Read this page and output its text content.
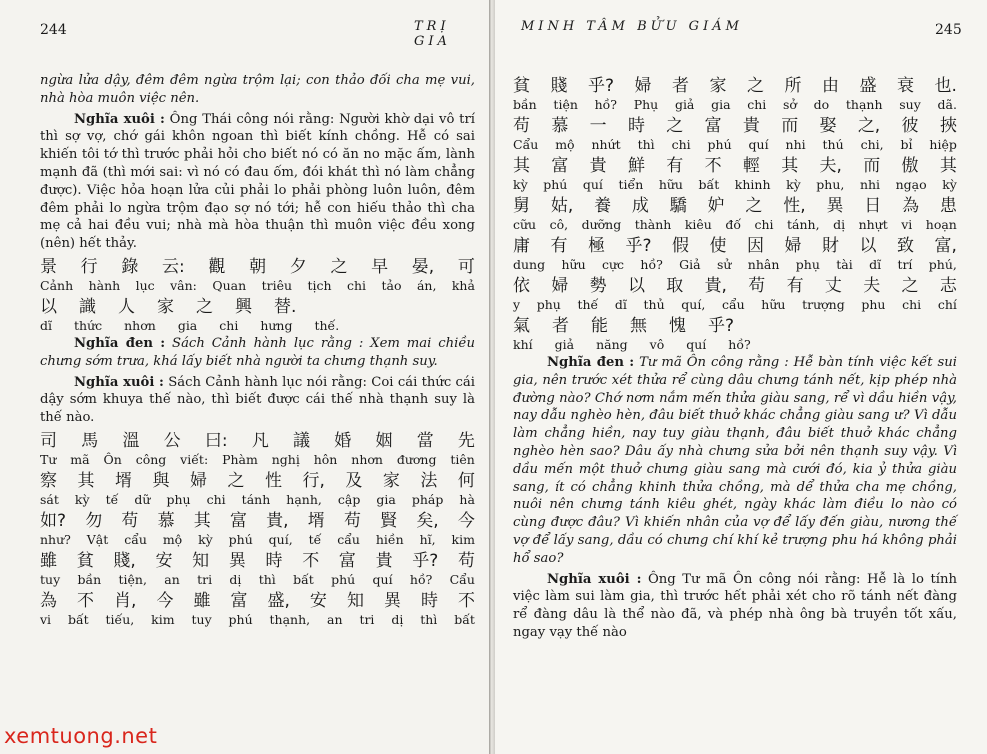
244	TRỊ GIA

ngừa lửa dậy, đêm đêm ngừa trộm lại; con thảo đối cha mẹ vui, nhà hòa muôn việc nên.

Nghĩa xuôi : Ông Thái công nói rằng: Người khờ dại vô trí thì sợ vợ, chớ gái khôn ngoan thì biết kính chồng. Hễ có sai khiến tôi tớ thì trước phải hỏi cho biết nó có ăn no mặc ấm, lành mạnh đã (thì mới sai: vì nó có đau ốm, đói khát thì nó làm chẳng được). Việc hỏa hoạn lửa củi phải lo phải phòng luôn luôn, đêm đêm phải lo ngừa trộm đạo sợ nó tới; hễ con hiếu thảo thì cha mẹ cả hai đều vui; nhà mà hòa thuận thì muôn việc đều xong (nên) hết thảy.

景 行 錄 云: 觀 朝 夕 之 早 晏, 可
Cảnh hành lục vân: Quan triêu tịch chi tảo án, khả
以 識 人 家 之 興 替.
dĩ thức nhơn gia chi hưng thế.

Nghĩa đen : Sách Cảnh hành lục rằng : Xem mai chiều chưng sớm trưa, khá lấy biết nhà người ta chưng thạnh suy.

Nghĩa xuôi : Sách Cảnh hành lục nói rằng: Coi cái thức cái dậy sớm khuya thế nào, thì biết được cái thế nhà thạnh suy là thế nào.

司 馬 溫 公 曰: 凡 議 婚 姻 當 先
Tư mã Ôn công viết: Phàm nghị hôn nhơn đương tiên
察 其 壻 與 婦 之 性 行, 及 家 法 何
sát kỳ tế dữ phụ chi tánh hạnh, cập gia pháp hà
如? 勿 苟 慕 其 富 貴, 壻 苟 賢 矣, 今
như? Vật cẩu mộ kỳ phú quí, tế cẩu hiền hĩ, kim
雖 貧 賤, 安 知 異 時 不 富 貴 乎? 苟
tuy bần tiện, an tri dị thì bất phú quí hồ? Cẩu
為 不 肖, 今 雖 富 盛, 安 知 異 時 不
vi bất tiếu, kim tuy phú thạnh, an tri dị thì bất
MINH TÂM BỬU GIÁM	245
貧 賤 乎? 婦 者 家 之 所 由 盛 衰 也.
bần tiện hồ? Phụ giả gia chi sở do thạnh suy dã.
苟 慕 一 時 之 富 貴 而 娶 之, 彼 挾
Cẩu mộ nhứt thì chi phú quí nhi thú chi, bỉ hiệp
其 富 貴 鮮 有 不 輕 其 夫, 而 傲 其
kỳ phú quí tiển hữu bất khinh kỳ phu, nhi ngạo kỳ
舅 姑, 養 成 驕 妒 之 性, 異 日 為 患
cữu cô, dưỡng thành kiêu đố chi tánh, dị nhựt vi hoạn
庸 有 極 乎? 假 使 因 婦 財 以 致 富,
dung hữu cực hồ? Giả sử nhân phụ tài dĩ trí phú,
依 婦 勢 以 取 貴, 苟 有 丈 夫 之 志
y phụ thế dĩ thủ quí, cẩu hữu trượng phu chi chí
氣 者 能 無 愧 乎?
khí giả năng vô quí hồ?

Nghĩa đen : Tư mã Ôn công rằng : Hễ bàn tính việc kết sui gia, nên trước xét thửa rể cùng dâu chưng tánh nết, kịp phép nhà đường nào? Chớ nơm nắm mến thửa giàu sang, rể vì dầu hiền vậy, nay dẫu nghèo hèn, đâu biết thuở khác chẳng giàu sang ư? Vì dẫu làm chẳng hiền, nay tuy giàu thạnh, đâu biết thuở khác chẳng nghèo hèn sao? Dâu ấy nhà chưng sửa bởi nên thạnh suy vậy. Vì dầu mến một thuở chưng giàu sang mà cưới đó, kia ỷ thửa giàu sang, ít có chẳng khinh thửa chồng, mà dể thửa cha mẹ chồng, nuôi nên chưng tánh kiêu ghét, ngày khác làm điều lo nào có cùng được đâu? Vì khiến nhân của vợ để lấy đến giàu, nương thế vợ để lấy sang, dầu có chưng chí khí kẻ trượng phu há không phải hổ sao?

Nghĩa xuôi : Ông Tư mã Ôn công nói rằng: Hễ là lo tính việc làm sui làm gia, thì trước hết phải xét cho rõ tánh nết đàng rể đàng dâu là thể nào đã, và phép nhà ông bà truyền tốt xấu, ngay vạy thế nào

xemtuong.net
